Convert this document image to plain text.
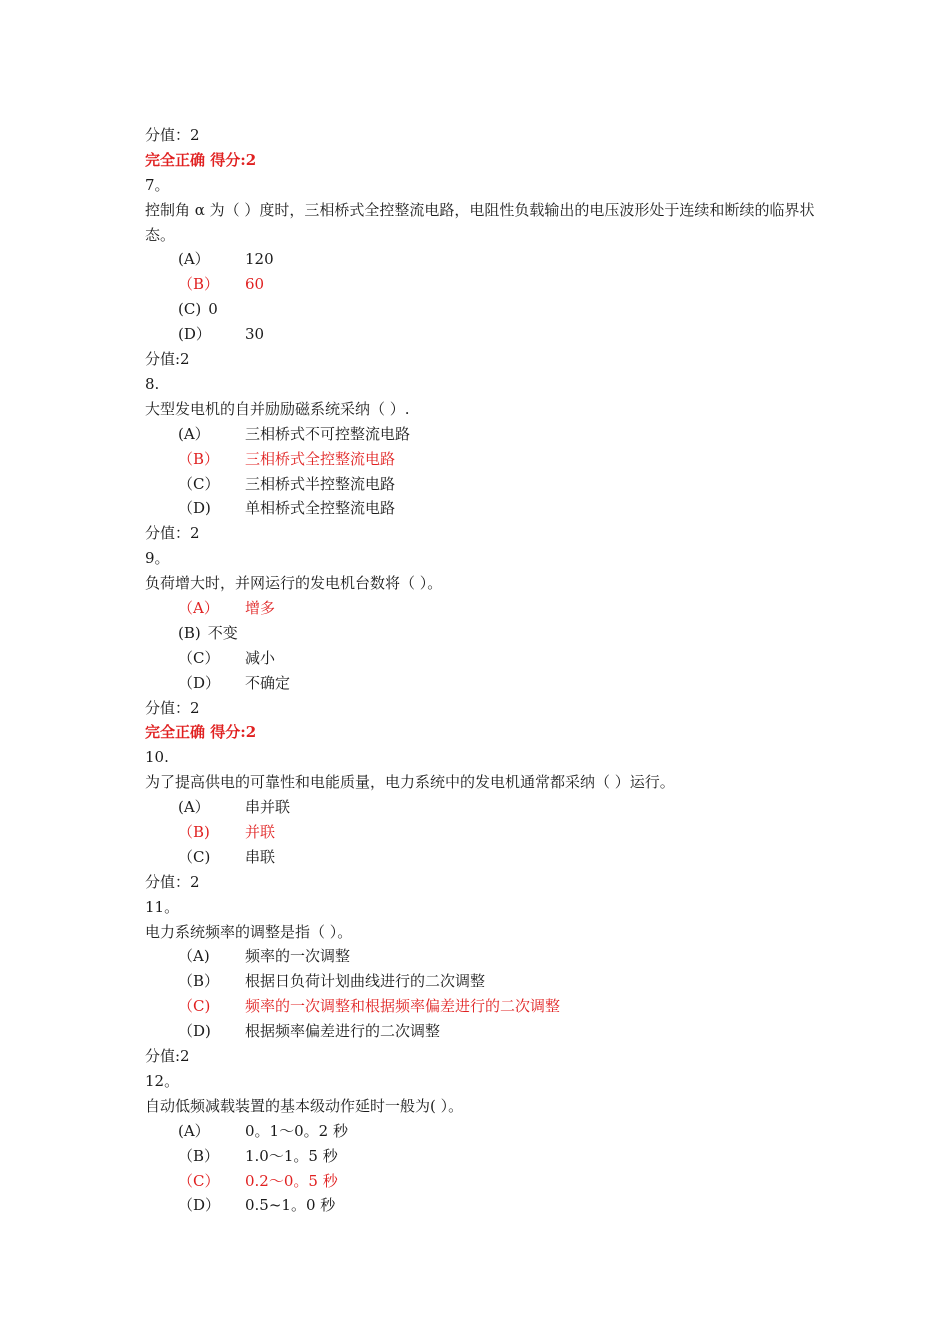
分值：2
完全正确 得分:2
7。
控制角 α 为（ ）度时，三相桥式全控整流电路，电阻性负载输出的电压波形处于连续和断续的临界状态。
(A） 120
（B） 60
(C) 0
(D） 30
分值:2
8.
大型发电机的自并励励磁系统采纳（ ）.
(A） 三相桥式不可控整流电路
（B） 三相桥式全控整流电路
（C） 三相桥式半控整流电路
（D) 单相桥式全控整流电路
分值：2
9。
负荷增大时，并网运行的发电机台数将（ ）。
（A） 增多
(B) 不变
（C） 减小
（D） 不确定
分值：2
完全正确 得分:2
10.
为了提高供电的可靠性和电能质量，电力系统中的发电机通常都采纳（ ）运行。
(A） 串并联
（B) 并联
（C) 串联
分值：2
11。
电力系统频率的调整是指（ ）。
（A) 频率的一次调整
（B） 根据日负荷计划曲线进行的二次调整
（C) 频率的一次调整和根据频率偏差进行的二次调整
（D) 根据频率偏差进行的二次调整
分值:2
12。
自动低频减载装置的基本级动作延时一般为( ）。
(A） 0。1～0。2 秒
（B） 1.0～1。5 秒
（C） 0.2～0。5 秒
（D） 0.5~1。0 秒
